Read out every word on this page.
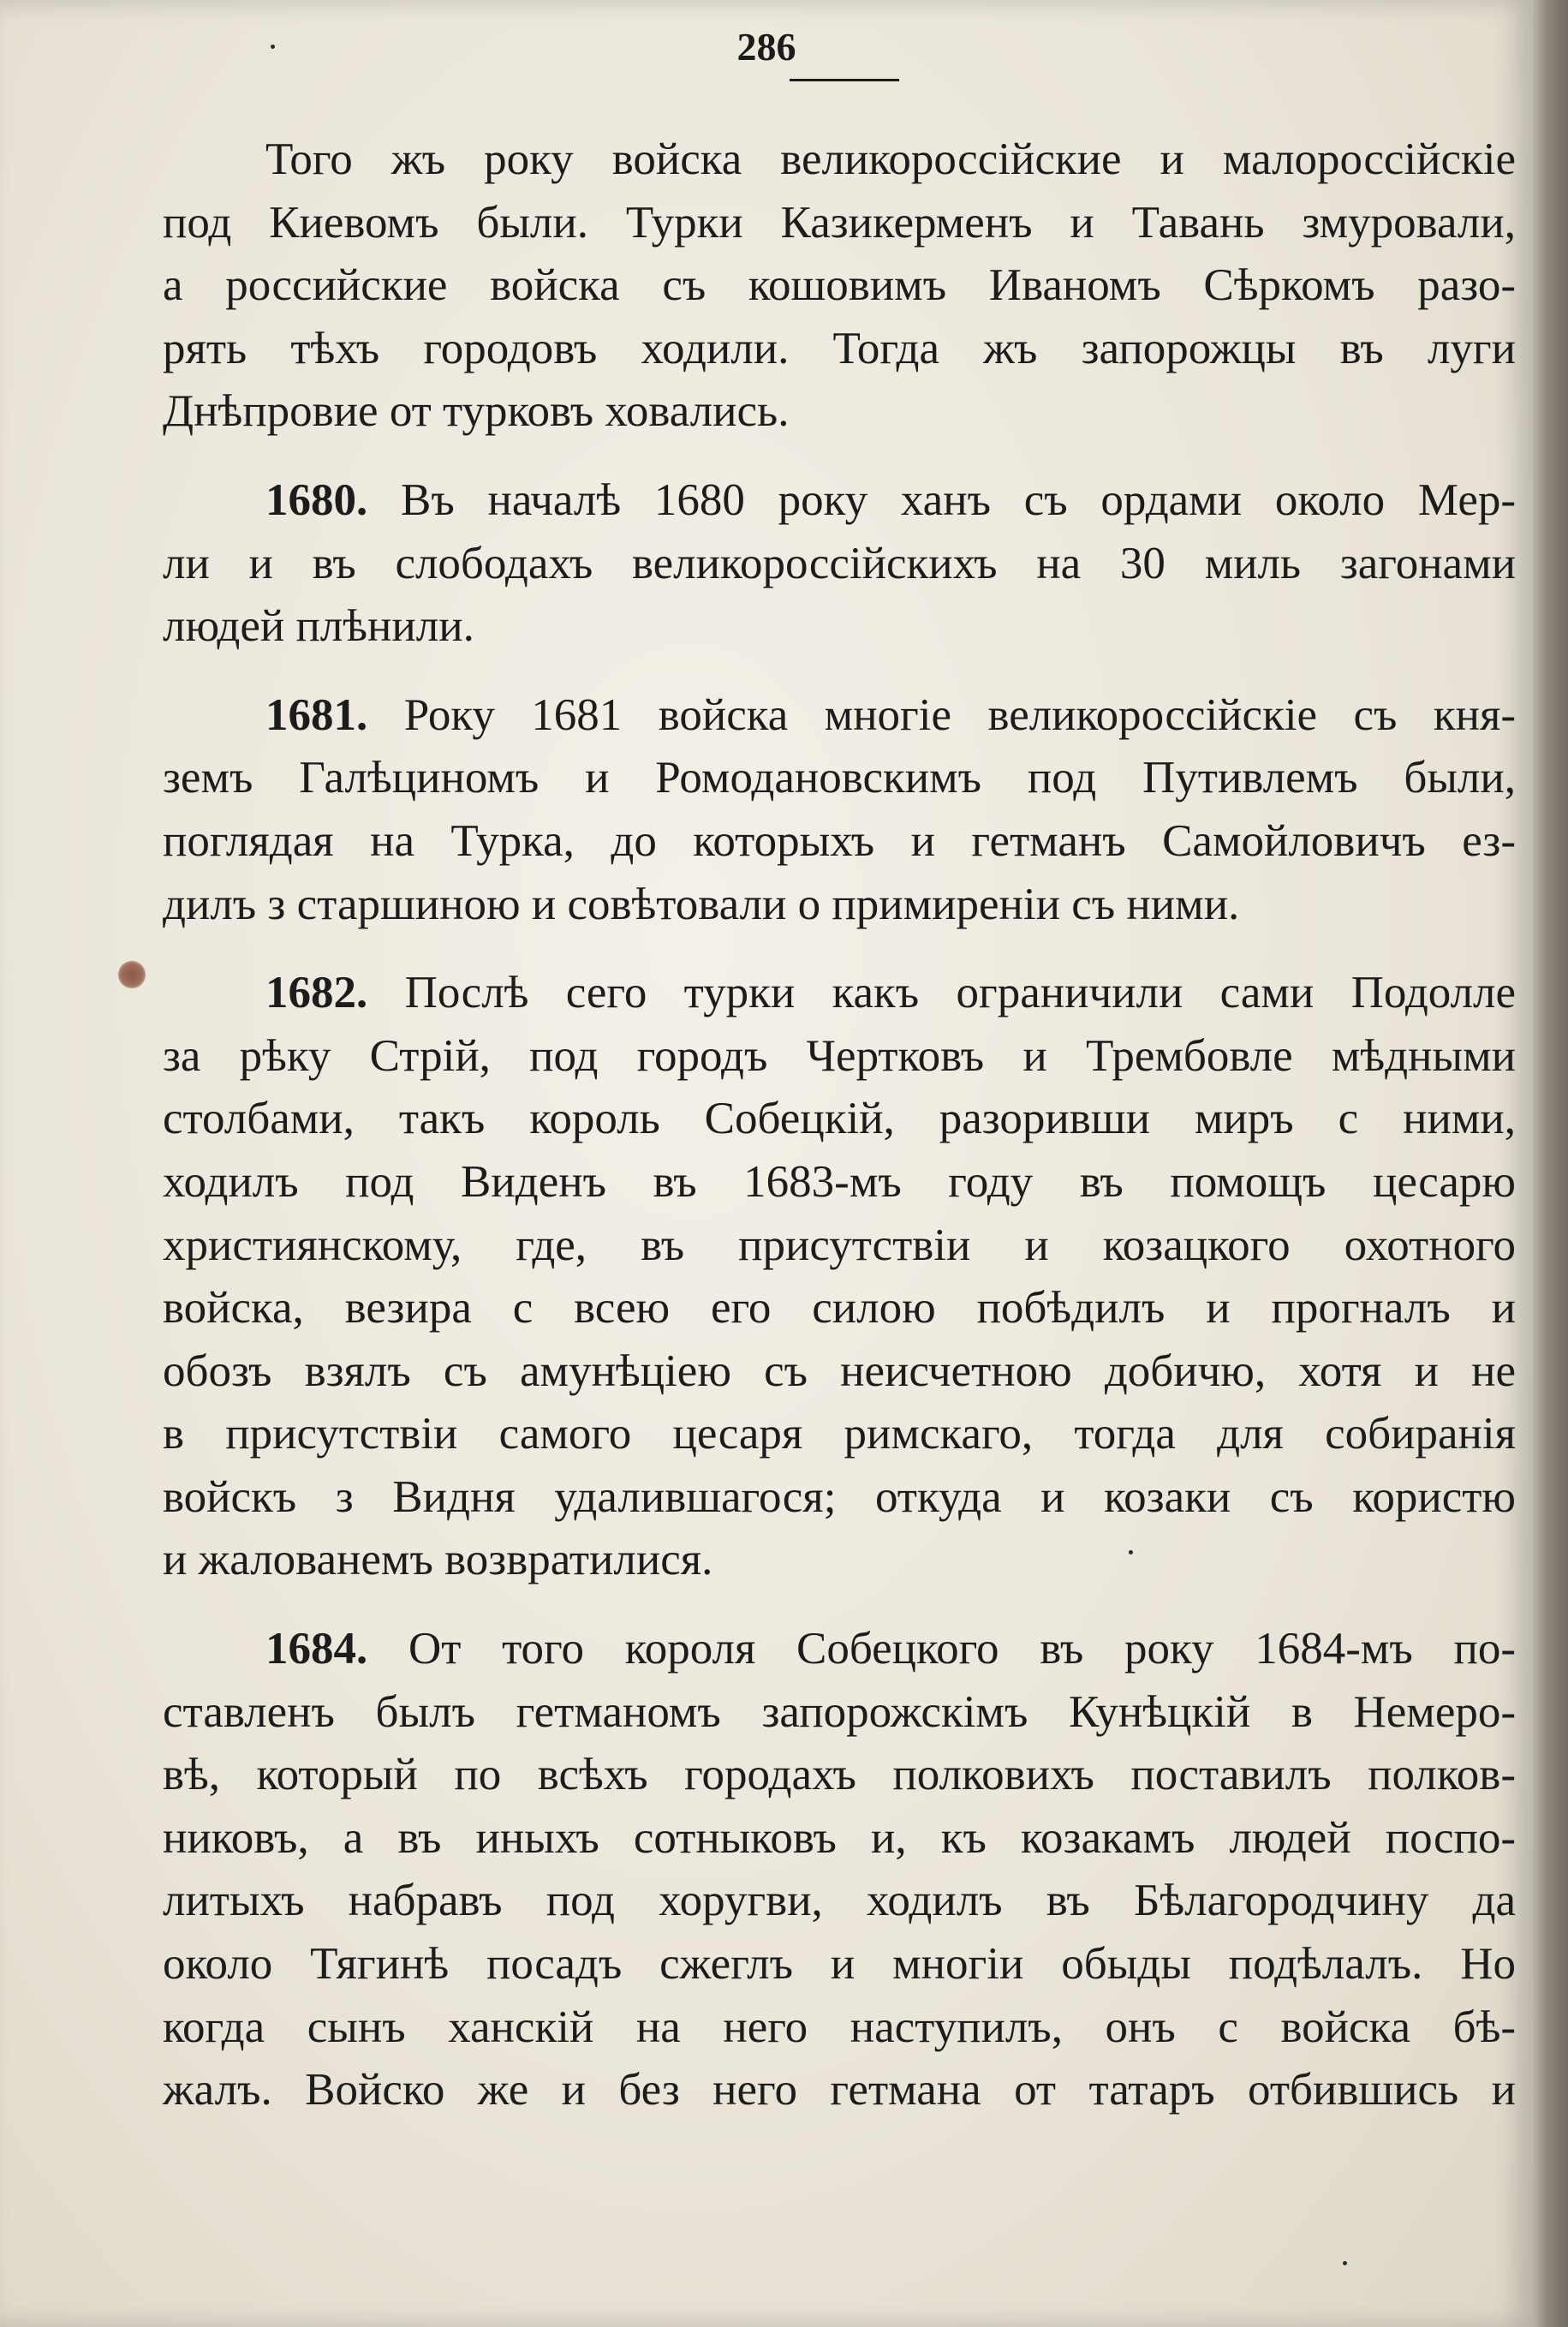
286
Того жъ року войска великороссійские и малороссійскіе
под Киевомъ были. Турки Казикерменъ и Тавань змуровали,
а российские войска съ кошовимъ Иваномъ Сѣркомъ разо-
рять тѣхъ городовъ ходили. Тогда жъ запорожцы въ луги
Днѣпровие от турковъ ховались.
1680. Въ началѣ 1680 року ханъ съ ордами около Мер-
ли и въ слободахъ великороссійскихъ на 30 миль загонами
людей плѣнили.
1681. Року 1681 войска многіе великороссійскіе съ кня-
земъ Галѣциномъ и Ромодановскимъ под Путивлемъ были,
поглядая на Турка, до которыхъ и гетманъ Самойловичъ ез-
дилъ з старшиною и совѣтовали о примиреніи съ ними.
1682. Послѣ сего турки какъ ограничили сами Подолле
за рѣку Стрій, под городъ Чертковъ и Трембовле мѣдными
столбами, такъ король Собецкій, разоривши миръ с ними,
ходилъ под Виденъ въ 1683-мъ году въ помощъ цесарю
християнскому, где, въ присутствіи и козацкого охотного
войска, везира с всею его силою побѣдилъ и прогналъ и
обозъ взялъ съ амунѣціею съ неисчетною добичю, хотя и не
в присутствіи самого цесаря римскаго, тогда для собиранія
войскъ з Видня удалившагося; откуда и козаки съ користю
и жалованемъ возвратилися.
1684. От того короля Собецкого въ року 1684-мъ по-
ставленъ былъ гетманомъ запорожскімъ Кунѣцкій в Немеро-
вѣ, который по всѣхъ городахъ полковихъ поставилъ полков-
никовъ, а въ иныхъ сотныковъ и, къ козакамъ людей поспо-
литыхъ набравъ под хоругви, ходилъ въ Бѣлагородчину да
около Тягинѣ посадъ сжеглъ и многіи обыды подѣлалъ. Но
когда сынъ ханскій на него наступилъ, онъ с войска бѣ-
жалъ. Войско же и без него гетмана от татаръ отбившись и
